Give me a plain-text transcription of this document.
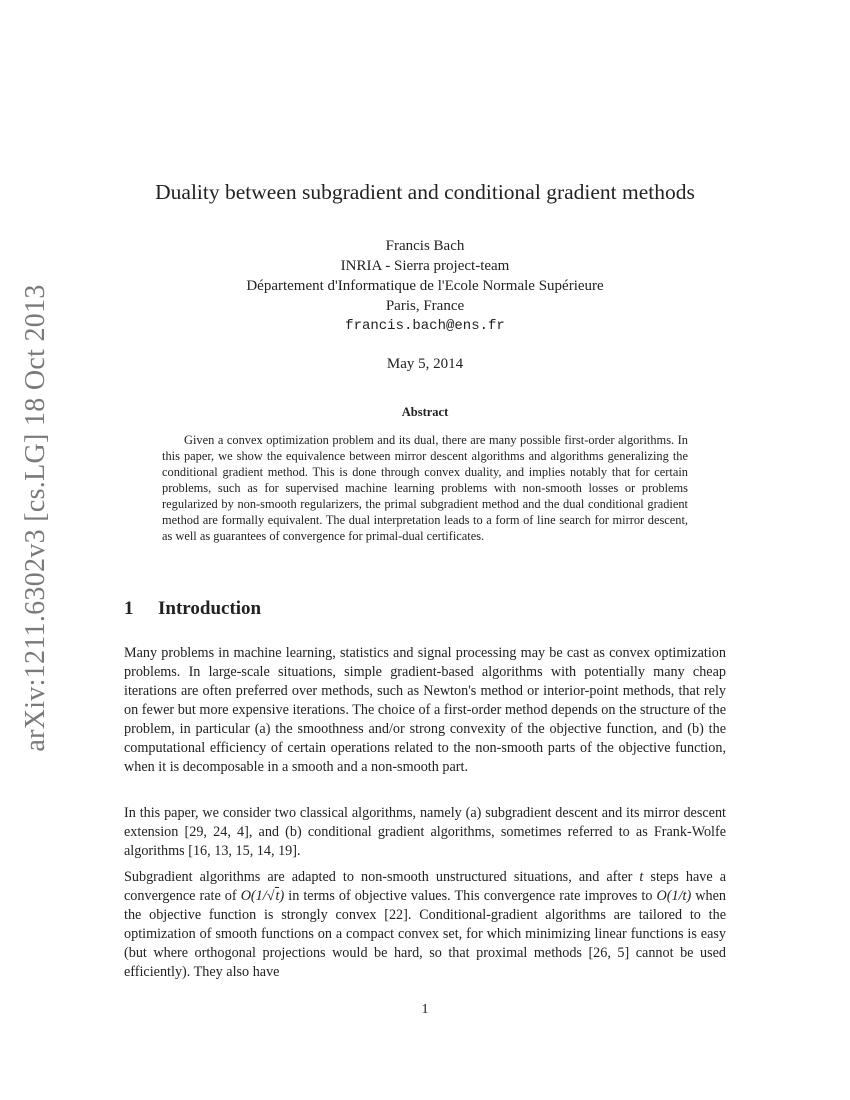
arXiv:1211.6302v3 [cs.LG] 18 Oct 2013
Duality between subgradient and conditional gradient methods
Francis Bach
INRIA - Sierra project-team
Département d'Informatique de l'Ecole Normale Supérieure
Paris, France
francis.bach@ens.fr
May 5, 2014
Abstract
Given a convex optimization problem and its dual, there are many possible first-order algorithms. In this paper, we show the equivalence between mirror descent algorithms and algorithms generalizing the conditional gradient method. This is done through convex duality, and implies notably that for certain problems, such as for supervised machine learning problems with non-smooth losses or problems regularized by non-smooth regularizers, the primal subgradient method and the dual conditional gradient method are formally equivalent. The dual interpretation leads to a form of line search for mirror descent, as well as guarantees of convergence for primal-dual certificates.
1 Introduction
Many problems in machine learning, statistics and signal processing may be cast as convex optimization problems. In large-scale situations, simple gradient-based algorithms with potentially many cheap iterations are often preferred over methods, such as Newton's method or interior-point methods, that rely on fewer but more expensive iterations. The choice of a first-order method depends on the structure of the problem, in particular (a) the smoothness and/or strong convexity of the objective function, and (b) the computational efficiency of certain operations related to the non-smooth parts of the objective function, when it is decomposable in a smooth and a non-smooth part.
In this paper, we consider two classical algorithms, namely (a) subgradient descent and its mirror descent extension [29, 24, 4], and (b) conditional gradient algorithms, sometimes referred to as Frank-Wolfe algorithms [16, 13, 15, 14, 19].
Subgradient algorithms are adapted to non-smooth unstructured situations, and after t steps have a convergence rate of O(1/√t) in terms of objective values. This convergence rate improves to O(1/t) when the objective function is strongly convex [22]. Conditional-gradient algorithms are tailored to the optimization of smooth functions on a compact convex set, for which minimizing linear functions is easy (but where orthogonal projections would be hard, so that proximal methods [26, 5] cannot be used efficiently). They also have
1
